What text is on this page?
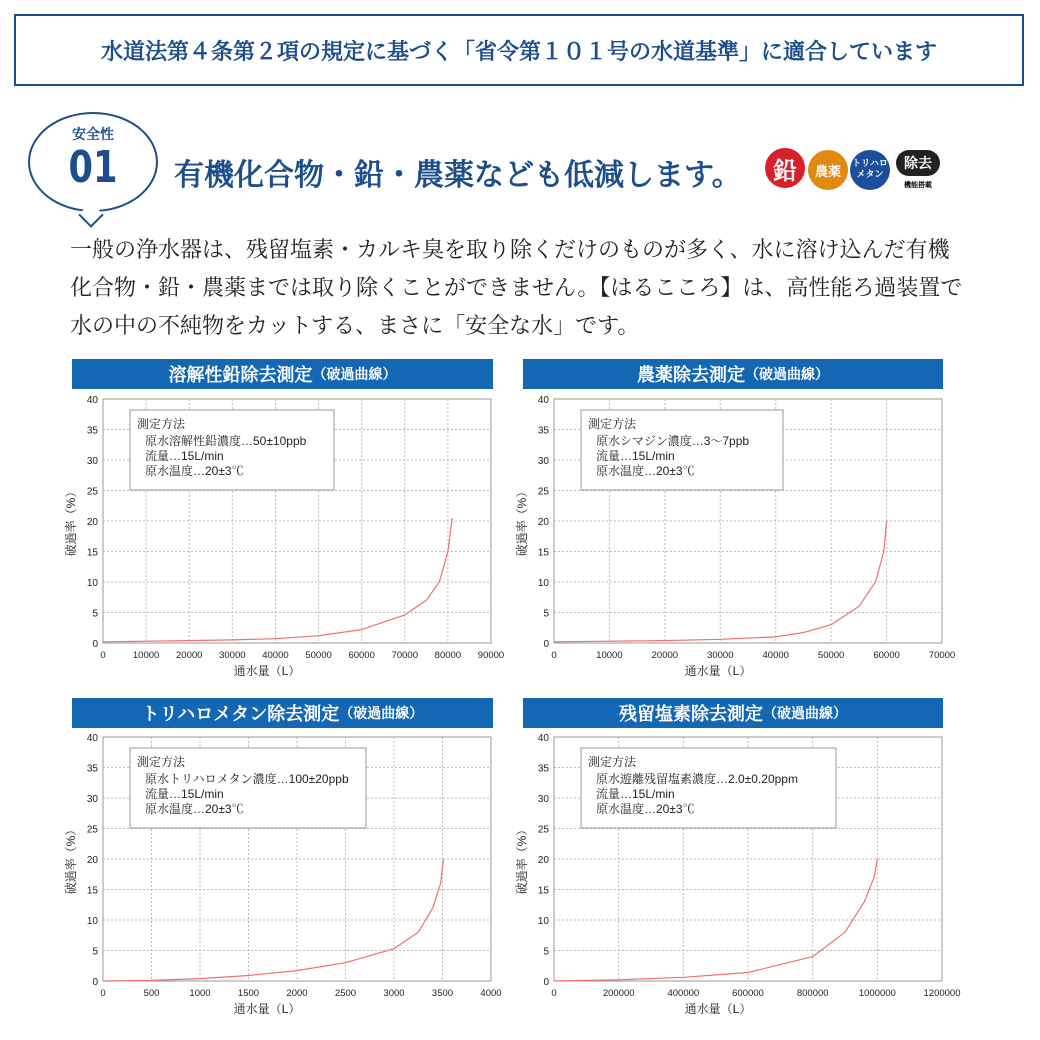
水道法第４条第２項の規定に基づく「省令第１０１号の水道基準」に適合しています
安全性
01	有機化合物・鉛・農薬なども低減します。	鉛	農薬
トリハロメタン
除去
機能搭載
一般の浄水器は、残留塩素・カルキ臭を取り除くだけのものが多く、水に溶け込んだ有機化合物・鉛・農薬までは取り除くことができません。【はるこころ】は、高性能ろ過装置で水の中の不純物をカットする、まさに「安全な水」です。
溶解性鉛除去測定 （破過曲線）
0	10000 20000 30000 40000 50000 60000 70000 80000 90000
0
5
10
15
20
25
30
35
40
通水量（L）
破過率（%）
測定方法
原水溶解性鉛濃度…50±10ppb
流量…15L/min
原水温度…20±3℃
農薬除去測定 （破過曲線）
0	10000	20000	30000	40000	50000	60000	70000
0
5
10
15
20
25
30
35
40
通水量（L）
破過率（%）
測定方法
原水シマジン濃度…3〜7ppb
流量…15L/min
原水温度…20±3℃
トリハロメタン除去測定 （破過曲線）
0	500	1000	1500	2000	2500	3000	3500	4000
0
5
10
15
20
25
30
35
40
通水量（L）
破過率（%）
測定方法
原水トリハロメタン濃度…100±20ppb
流量…15L/min
原水温度…20±3℃
残留塩素除去測定 （破過曲線）
0	200000	400000	600000	800000	1000000	1200000
0
5
10
15
20
25
30
35
40
通水量（L）
破過率（%）
測定方法
原水遊離残留塩素濃度…2.0±0.20ppm
流量…15L/min
原水温度…20±3℃
